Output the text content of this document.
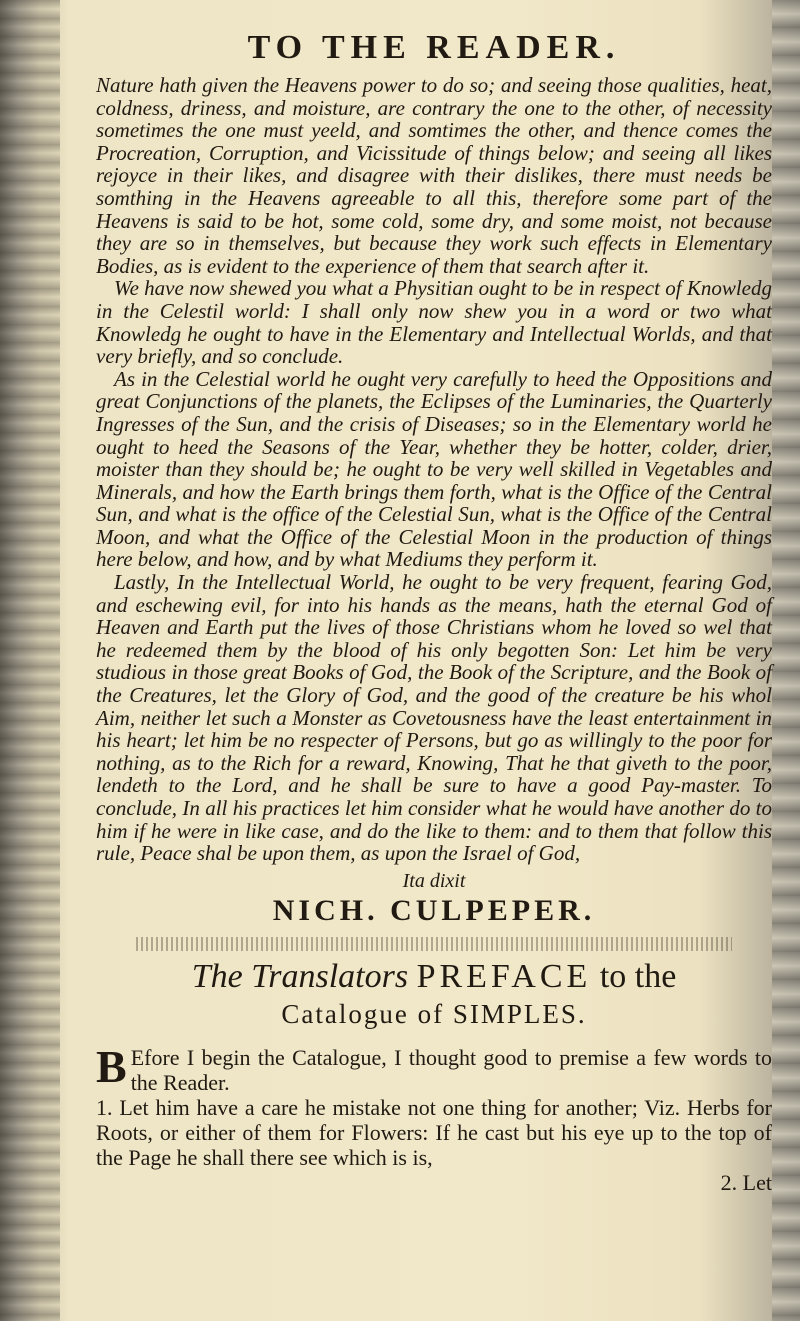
TO THE READER.

Nature hath given the Heavens power to do so; and seeing those qualities, heat, coldness, driness, and moisture, are contrary the one to the other, of necessity sometimes the one must yeeld, and somtimes the other, and thence comes the Procreation, Corruption, and Vicissitude of things below; and seeing all likes rejoyce in their likes, and disagree with their dislikes, there must needs be somthing in the Heavens agreeable to all this, therefore some part of the Heavens is said to be hot, some cold, some dry, and some moist, not because they are so in themselves, but because they work such effects in Elementary Bodies, as is evident to the experience of them that search after it.

We have now shewed you what a Physitian ought to be in respect of Knowledg in the Celestil world: I shall only now shew you in a word or two what Knowledg he ought to have in the Elementary and Intellectual Worlds, and that very briefly, and so conclude.

As in the Celestial world he ought very carefully to heed the Oppositions and great Conjunctions of the planets, the Eclipses of the Luminaries, the Quarterly Ingresses of the Sun, and the crisis of Diseases; so in the Elementary world he ought to heed the Seasons of the Year, whether they be hotter, colder, drier, moister than they should be; he ought to be very well skilled in Vegetables and Minerals, and how the Earth brings them forth, what is the Office of the Central Sun, and what is the office of the Celestial Sun, what is the Office of the Central Moon, and what the Office of the Celestial Moon in the production of things here below, and how, and by what Mediums they perform it.

Lastly, In the Intellectual World, he ought to be very frequent, fearing God, and eschewing evil, for into his hands as the means, hath the eternal God of Heaven and Earth put the lives of those Christians whom he loved so wel that he redeemed them by the blood of his only begotten Son: Let him be very studious in those great Books of God, the Book of the Scripture, and the Book of the Creatures, let the Glory of God, and the good of the creature be his whol Aim, neither let such a Monster as Covetousness have the least entertainment in his heart; let him be no respecter of Persons, but go as willingly to the poor for nothing, as to the Rich for a reward, Knowing, That he that giveth to the poor, lendeth to the Lord, and he shall be sure to have a good Pay-master. To conclude, In all his practices let him consider what he would have another do to him if he were in like case, and do the like to them: and to them that follow this rule, Peace shal be upon them, as upon the Israel of God,

Ita dixit
NICH. CULPEPER.
The Translators PREFACE to the
Catalogue of SIMPLES.

B Efore I begin the Catalogue, I thought good to premise a few words to the Reader.

1. Let him have a care he mistake not one thing for another; Viz. Herbs for Roots, or either of them for Flowers: If he cast but his eye up to the top of the Page he shall there see which is is,

2. Let
